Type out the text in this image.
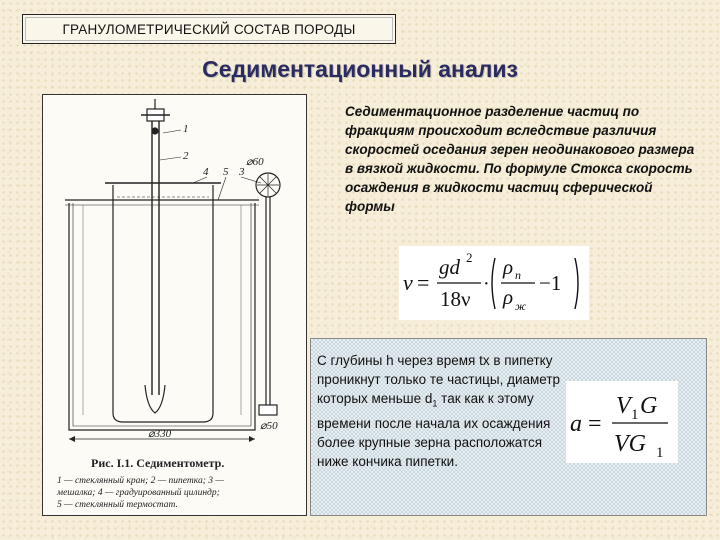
ГРАНУЛОМЕТРИЧЕСКИЙ СОСТАВ ПОРОДЫ
Седиментационный анализ
⌀60
⌀50
⌀330
1
2
4 5 3
Рис. I.1. Седиментометр.
1 — стеклянный кран; 2 — пипетка; 3 —
мешалка; 4 — градуированный цилиндр;
5 — стеклянный термостат.
Седиментационное разделение частиц по фракциям происходит вследствие различия скоростей оседания зерен неодинакового размера в вязкой жидкости. По формуле Стокса скорость осаждения в жидкости частиц сферической формы
v =
gd 2
18ν
·
ρ n
ρ ж
−1
С глубины h через время tx в пипетку проникнут только те частицы, диаметр которых меньше $d_1$ так как к этому времени после начала их осаждения более крупные зерна расположатся ниже кончика пипетки.
a =
V 1 G
VG 1
